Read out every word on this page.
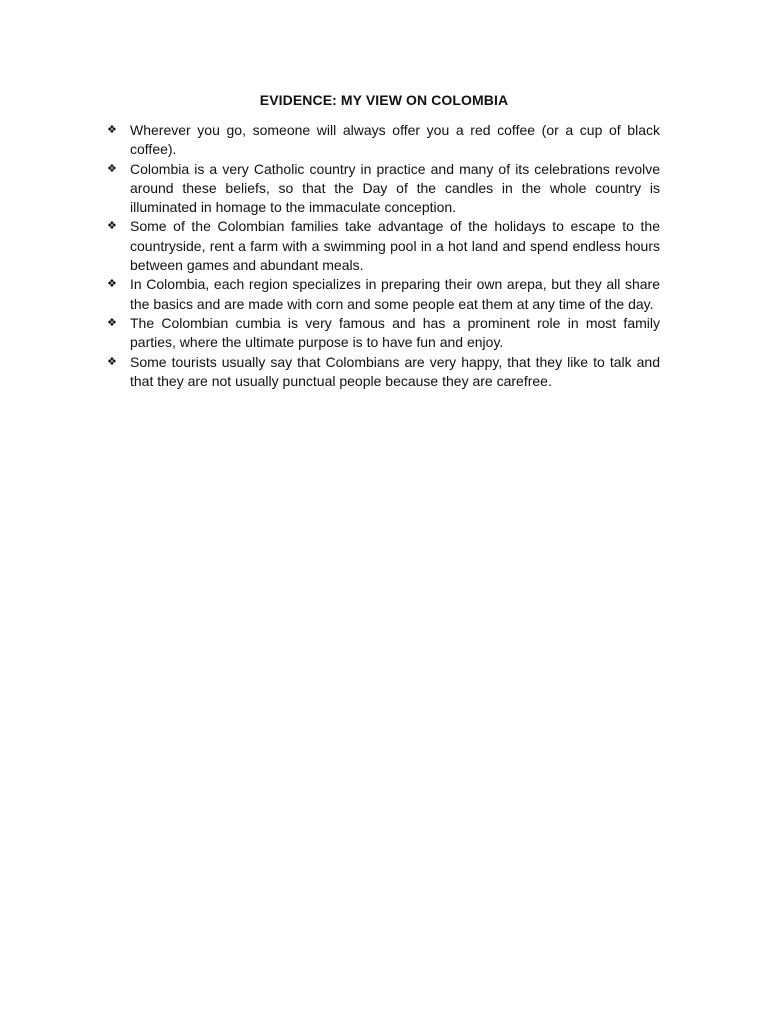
EVIDENCE: MY VIEW ON COLOMBIA
❖ Wherever you go, someone will always offer you a red coffee (or a cup of black coffee).
❖ Colombia is a very Catholic country in practice and many of its celebrations revolve around these beliefs, so that the Day of the candles in the whole country is illuminated in homage to the immaculate conception.
❖ Some of the Colombian families take advantage of the holidays to escape to the countryside, rent a farm with a swimming pool in a hot land and spend endless hours between games and abundant meals.
❖ In Colombia, each region specializes in preparing their own arepa, but they all share the basics and are made with corn and some people eat them at any time of the day.
❖ The Colombian cumbia is very famous and has a prominent role in most family parties, where the ultimate purpose is to have fun and enjoy.
❖ Some tourists usually say that Colombians are very happy, that they like to talk and that they are not usually punctual people because they are carefree.
